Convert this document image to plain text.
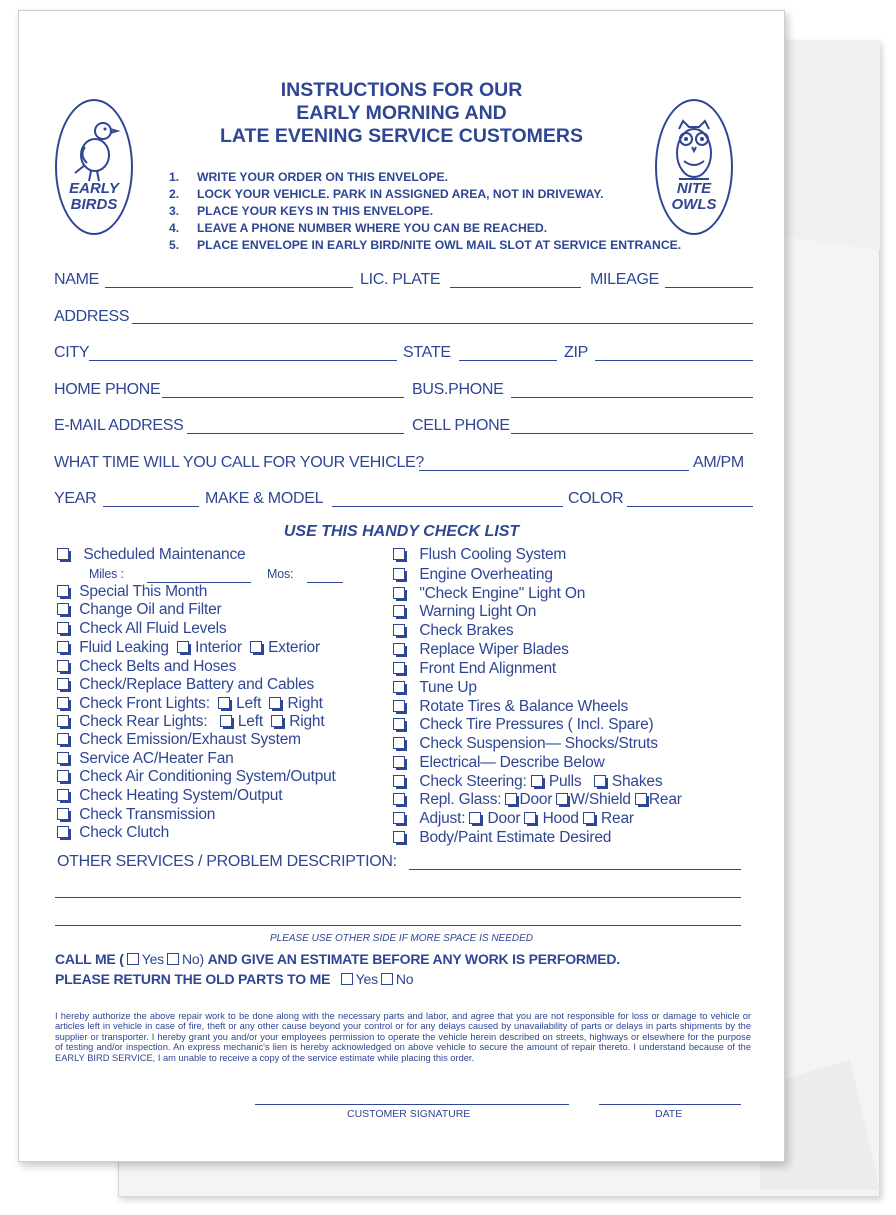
EARLY
BIRDS
NITE
OWLS
INSTRUCTIONS FOR OUR
EARLY MORNING AND
LATE EVENING SERVICE CUSTOMERS
1. WRITE YOUR ORDER ON THIS ENVELOPE.
2. LOCK YOUR VEHICLE. PARK IN ASSIGNED AREA, NOT IN DRIVEWAY.
3. PLACE YOUR KEYS IN THIS ENVELOPE.
4. LEAVE A PHONE NUMBER WHERE YOU CAN BE REACHED.
5. PLACE ENVELOPE IN EARLY BIRD/NITE OWL MAIL SLOT AT SERVICE ENTRANCE.
NAME	LIC. PLATE	MILEAGE
ADDRESS
CITY	STATE	ZIP
HOME PHONE	BUS.PHONE
E-MAIL ADDRESS	CELL PHONE
WHAT TIME WILL YOU CALL FOR YOUR VEHICLE?	AM/PM
YEAR	MAKE & MODEL	COLOR
USE THIS HANDY CHECK LIST
Scheduled Maintenance
Miles :	Mos:
Special This Month
Change Oil and Filter
Check All Fluid Levels
Fluid Leaking Interior Exterior
Check Belts and Hoses
Check/Replace Battery and Cables
Check Front Lights: Left Right
Check Rear Lights: Left Right
Check Emission/Exhaust System
Service AC/Heater Fan
Check Air Conditioning System/Output
Check Heating System/Output
Check Transmission
Check Clutch
Flush Cooling System
Engine Overheating
"Check Engine" Light On
Warning Light On
Check Brakes
Replace Wiper Blades
Front End Alignment
Tune Up
Rotate Tires & Balance Wheels
Check Tire Pressures ( Incl. Spare)
Check Suspension— Shocks/Struts
Electrical— Describe Below
Check Steering: Pulls Shakes
Repl. Glass: Door W/Shield Rear
Adjust: Door Hood Rear
Body/Paint Estimate Desired
OTHER SERVICES / PROBLEM DESCRIPTION:
PLEASE USE OTHER SIDE IF MORE SPACE IS NEEDED
CALL ME ( Yes No) AND GIVE AN ESTIMATE BEFORE ANY WORK IS PERFORMED.
PLEASE RETURN THE OLD PARTS TO ME Yes No
I hereby authorize the above repair work to be done along with the necessary parts and labor, and agree that you are not responsible for loss or damage to vehicle or articles left in vehicle in case of fire, theft or any other cause beyond your control or for any delays caused by unavailability of parts or delays in parts shipments by the supplier or transporter. I hereby grant you and/or your employees permission to operate the vehicle herein described on streets, highways or elsewhere for the purpose of testing and/or inspection. An express mechanic's lien is hereby acknowledged on above vehicle to secure the amount of repair thereto. I understand because of the EARLY BIRD SERVICE, I am unable to receive a copy of the service estimate while placing this order.
CUSTOMER SIGNATURE	DATE
